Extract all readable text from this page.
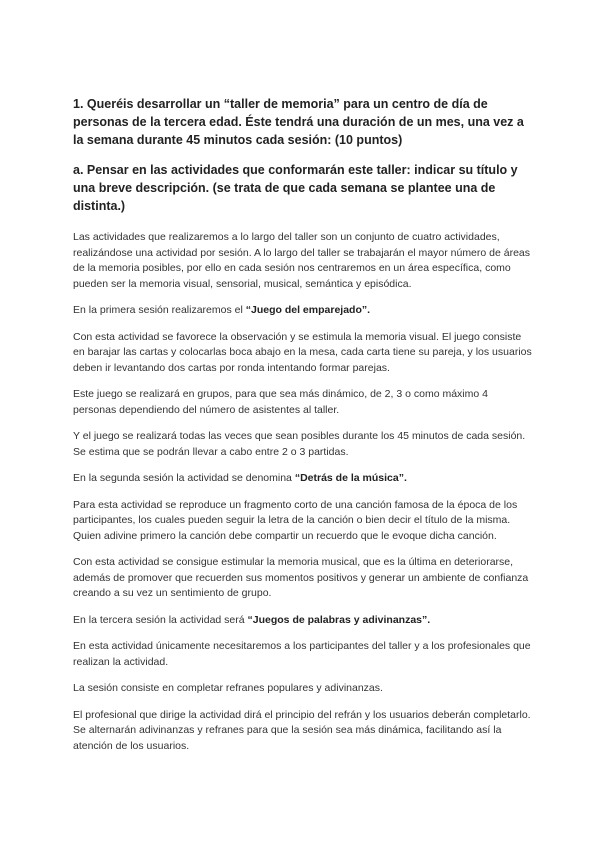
1. Queréis desarrollar un “taller de memoria” para un centro de día de personas de la tercera edad. Éste tendrá una duración de un mes, una vez a la semana durante 45 minutos cada sesión: (10 puntos)

a. Pensar en las actividades que conformarán este taller: indicar su título y una breve descripción. (se trata de que cada semana se plantee una de distinta.)

Las actividades que realizaremos a lo largo del taller son un conjunto de cuatro actividades, realizándose una actividad por sesión. A lo largo del taller se trabajarán el mayor número de áreas de la memoria posibles, por ello en cada sesión nos centraremos en un área específica, como pueden ser la memoria visual, sensorial, musical, semántica y episódica.

En la primera sesión realizaremos el “Juego del emparejado”.

Con esta actividad se favorece la observación y se estimula la memoria visual. El juego consiste en barajar las cartas y colocarlas boca abajo en la mesa, cada carta tiene su pareja, y los usuarios deben ir levantando dos cartas por ronda intentando formar parejas.

Este juego se realizará en grupos, para que sea más dinámico, de 2, 3 o como máximo 4 personas dependiendo del número de asistentes al taller.

Y el juego se realizará todas las veces que sean posibles durante los 45 minutos de cada sesión. Se estima que se podrán llevar a cabo entre 2 o 3 partidas.

En la segunda sesión la actividad se denomina “Detrás de la música”.

Para esta actividad se reproduce un fragmento corto de una canción famosa de la época de los participantes, los cuales pueden seguir la letra de la canción o bien decir el título de la misma. Quien adivine primero la canción debe compartir un recuerdo que le evoque dicha canción.

Con esta actividad se consigue estimular la memoria musical, que es la última en deteriorarse, además de promover que recuerden sus momentos positivos y generar un ambiente de confianza creando a su vez un sentimiento de grupo.

En la tercera sesión la actividad será “Juegos de palabras y adivinanzas”.

En esta actividad únicamente necesitaremos a los participantes del taller y a los profesionales que realizan la actividad.

La sesión consiste en completar refranes populares y adivinanzas.

El profesional que dirige la actividad dirá el principio del refrán y los usuarios deberán completarlo. Se alternarán adivinanzas y refranes para que la sesión sea más dinámica, facilitando así la atención de los usuarios.
